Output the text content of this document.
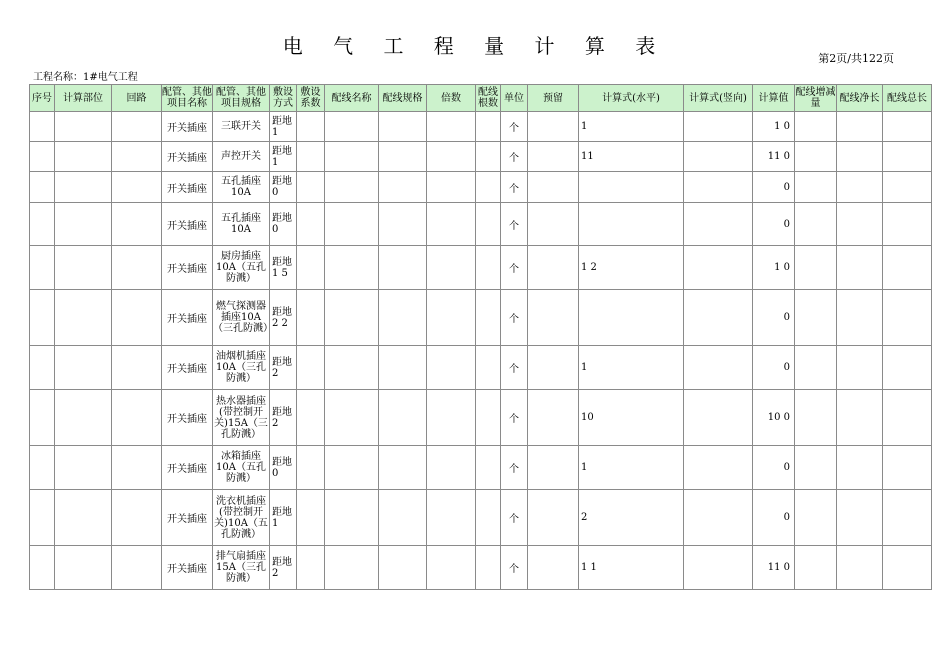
电 气 工 程 量 计 算 表
第2页/共122页
工程名称：1#电气工程
序号	计算部位	回路	配管、其他项目名称	配管、其他项目规格	敷设方式	敷设系数	配线名称	配线规格	倍数	配线根数	单位	预留	计算式(水平)	计算式(竖向)	计算值	配线增减量	配线净长	配线总长
			开关插座	三联开关	距地1						个		1		1 0			
			开关插座	声控开关	距地1						个		11		11 0			
			开关插座	五孔插座10A	距地0						个				0			
			开关插座	五孔插座10A	距地0						个				0			
			开关插座	厨房插座10A（五孔防溅）	距地1 5						个		1 2		1 0			
			开关插座	燃气探测器插座10A（三孔防溅）	距地2 2						个				0			
			开关插座	油烟机插座10A（三孔防溅）	距地2						个		1		0			
			开关插座	热水器插座(带控制开关)15A（三孔防溅）	距地2						个		10		10 0			
			开关插座	冰箱插座10A（五孔防溅）	距地0						个		1		0			
			开关插座	洗衣机插座(带控制开关)10A（五孔防溅）	距地1						个		2		0			
			开关插座	排气扇插座15A（三孔防溅）	距地2						个		1 1		11 0			
